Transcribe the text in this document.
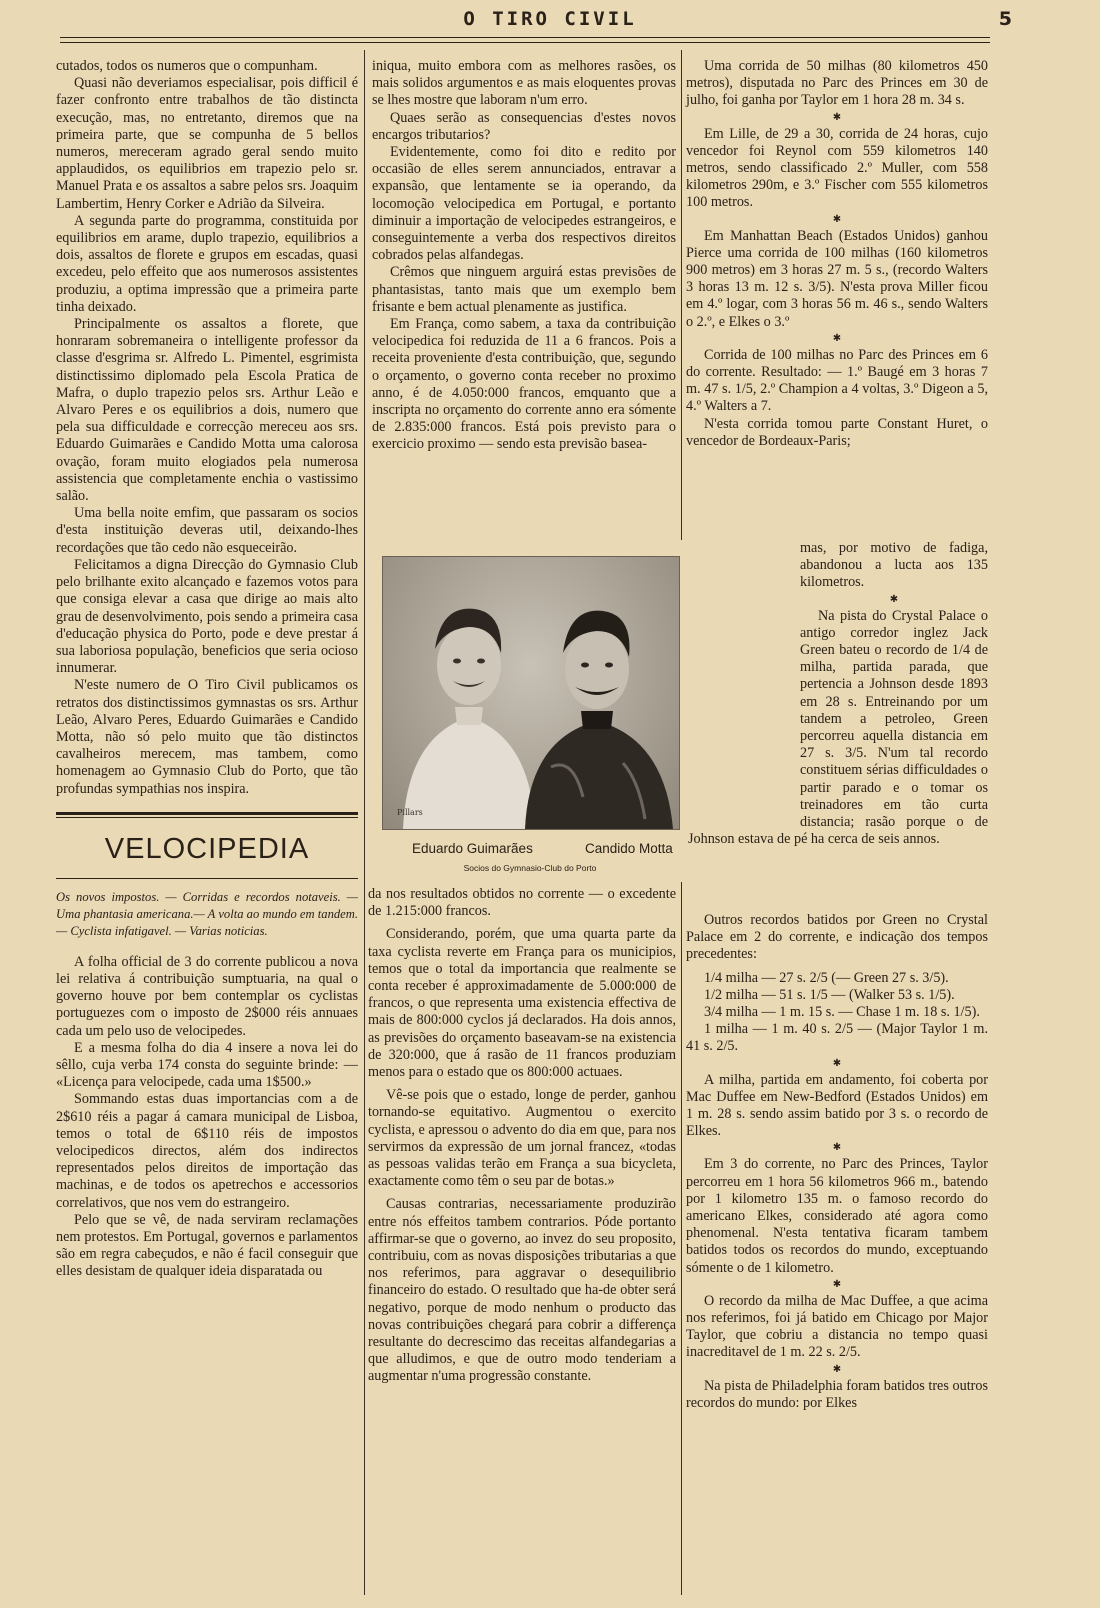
O TIRO CIVIL	5

cutados, todos os numeros que o compunham.

Quasi não deveriamos especialisar, pois difficil é fazer confronto entre trabalhos de tão distincta execução, mas, no entretanto, diremos que na primeira parte, que se compunha de 5 bellos numeros, mereceram agrado geral sendo muito applaudidos, os equilibrios em trapezio pelo sr. Manuel Prata e os assaltos a sabre pelos srs. Joaquim Lambertim, Henry Corker e Adrião da Silveira.

A segunda parte do programma, constituida por equilibrios em arame, duplo trapezio, equilibrios a dois, assaltos de florete e grupos em escadas, quasi excedeu, pelo effeito que aos numerosos assistentes produziu, a optima impressão que a primeira parte tinha deixado.

Principalmente os assaltos a florete, que honraram sobremaneira o intelligente professor da classe d'esgrima sr. Alfredo L. Pimentel, esgrimista distinctissimo diplomado pela Escola Pratica de Mafra, o duplo trapezio pelos srs. Arthur Leão e Alvaro Peres e os equilibrios a dois, numero que pela sua difficuldade e correcção mereceu aos srs. Eduardo Guimarães e Candido Motta uma calorosa ovação, foram muito elogiados pela numerosa assistencia que completamente enchia o vastissimo salão.

Uma bella noite emfim, que passaram os socios d'esta instituição deveras util, deixando-lhes recordações que tão cedo não esqueceirão.

Felicitamos a digna Direcção do Gymnasio Club pelo brilhante exito alcançado e fazemos votos para que consiga elevar a casa que dirige ao mais alto grau de desenvolvimento, pois sendo a primeira casa d'educação physica do Porto, pode e deve prestar á sua laboriosa população, beneficios que seria ocioso innumerar.

N'este numero de O Tiro Civil publicamos os retratos dos distinctissimos gymnastas os srs. Arthur Leão, Alvaro Peres, Eduardo Guimarães e Candido Motta, não só pelo muito que tão distinctos cavalheiros merecem, mas tambem, como homenagem ao Gymnasio Club do Porto, que tão profundas sympathias nos inspira.

VELOCIPEDIA
Os novos impostos. — Corridas e recordos notaveis. — Uma phantasia americana.— A volta ao mundo em tandem. — Cyclista infatigavel. — Varias noticias.

A folha official de 3 do corrente publicou a nova lei relativa á contribuição sumptuaria, na qual o governo houve por bem contemplar os cyclistas portuguezes com o imposto de 2$000 réis annuaes cada um pelo uso de velocipedes.

E a mesma folha do dia 4 insere a nova lei do sêllo, cuja verba 174 consta do seguinte brinde: — «Licença para velocipede, cada uma 1$500.»

Sommando estas duas importancias com a de 2$610 réis a pagar á camara municipal de Lisboa, temos o total de 6$110 réis de impostos velocipedicos directos, além dos indirectos representados pelos direitos de importação das machinas, e de todos os apetrechos e accessorios correlativos, que nos vem do estrangeiro.

Pelo que se vê, de nada serviram reclamações nem protestos. Em Portugal, governos e parlamentos são em regra cabeçudos, e não é facil conseguir que elles desistam de qualquer ideia disparatada ou

iniqua, muito embora com as melhores rasões, os mais solidos argumentos e as mais eloquentes provas se lhes mostre que laboram n'um erro.

Quaes serão as consequencias d'estes novos encargos tributarios?

Evidentemente, como foi dito e redito por occasião de elles serem annunciados, entravar a expansão, que lentamente se ia operando, da locomoção velocipedica em Portugal, e portanto diminuir a importação de velocipedes estrangeiros, e conseguintemente a verba dos respectivos direitos cobrados pelas alfandegas.

Crêmos que ninguem arguirá estas previsões de phantasistas, tanto mais que um exemplo bem frisante e bem actual plenamente as justifica.

Em França, como sabem, a taxa da contribuição velocipedica foi reduzida de 11 a 6 francos. Pois a receita proveniente d'esta contribuição, que, segundo o orçamento, o governo conta receber no proximo anno, é de 4.050:000 francos, emquanto que a inscripta no orçamento do corrente anno era sómente de 2.835:000 francos. Está pois previsto para o exercicio proximo — sendo esta previsão basea-

Pillars
Eduardo Guimarães	Candido Motta
Socios do Gymnasio-Club do Porto

da nos resultados obtidos no corrente — o excedente de 1.215:000 francos.

Considerando, porém, que uma quarta parte da taxa cyclista reverte em França para os municipios, temos que o total da importancia que realmente se conta receber é approximadamente de 5.000:000 de francos, o que representa uma existencia effectiva de mais de 800:000 cyclos já declarados. Ha dois annos, as previsões do orçamento baseavam-se na existencia de 320:000, que á rasão de 11 francos produziam menos para o estado que os 800:000 actuaes.

Vê-se pois que o estado, longe de perder, ganhou tornando-se equitativo. Augmentou o exercito cyclista, e apressou o advento do dia em que, para nos servirmos da expressão de um jornal francez, «todas as pessoas validas terão em França a sua bicycleta, exactamente como têm o seu par de botas.»

Causas contrarias, necessariamente produzirão entre nós effeitos tambem contrarios. Póde portanto affirmar-se que o governo, ao invez do seu proposito, contribuiu, com as novas disposições tributarias a que nos referimos, para aggravar o desequilibrio financeiro do estado. O resultado que ha-de obter será negativo, porque de modo nenhum o producto das novas contribuições chegará para cobrir a differença resultante do decrescimo das receitas alfandegarias a que alludimos, e que de outro modo tenderiam a augmentar n'uma progressão constante.

Uma corrida de 50 milhas (80 kilometros 450 metros), disputada no Parc des Princes em 30 de julho, foi ganha por Taylor em 1 hora 28 m. 34 s.

✱

Em Lille, de 29 a 30, corrida de 24 horas, cujo vencedor foi Reynol com 559 kilometros 140 metros, sendo classificado 2.º Muller, com 558 kilometros 290m, e 3.º Fischer com 555 kilometros 100 metros.

✱

Em Manhattan Beach (Estados Unidos) ganhou Pierce uma corrida de 100 milhas (160 kilometros 900 metros) em 3 horas 27 m. 5 s., (recordo Walters 3 horas 13 m. 12 s. 3/5). N'esta prova Miller ficou em 4.º logar, com 3 horas 56 m. 46 s., sendo Walters o 2.º, e Elkes o 3.º

✱

Corrida de 100 milhas no Parc des Princes em 6 do corrente. Resultado: — 1.º Baugé em 3 horas 7 m. 47 s. 1/5, 2.º Champion a 4 voltas, 3.º Digeon a 5, 4.º Walters a 7.

N'esta corrida tomou parte Constant Huret, o vencedor de Bordeaux-Paris;

mas, por motivo de fadiga, abandonou a lucta aos 135 kilometros.

✱

Na pista do Crystal Palace o antigo corredor inglez Jack Green bateu o recordo de 1/4 de milha, partida parada, que pertencia a Johnson desde 1893 em 28 s. Entreinando por um tandem a petroleo, Green percorreu aquella distancia em 27 s. 3/5. N'um tal recordo constituem sérias difficuldades o partir parado e o tomar os treinadores em tão curta distancia; rasão porque o de Johnson estava de pé ha cerca de seis annos.

Outros recordos batidos por Green no Crystal Palace em 2 do corrente, e indicação dos tempos precedentes:

1/4 milha — 27 s. 2/5 (— Green 27 s. 3/5).

1/2 milha — 51 s. 1/5 — (Walker 53 s. 1/5).

3/4 milha — 1 m. 15 s. — Chase 1 m. 18 s. 1/5).

1 milha — 1 m. 40 s. 2/5 — (Major Taylor 1 m. 41 s. 2/5.

✱

A milha, partida em andamento, foi coberta por Mac Duffee em New-Bedford (Estados Unidos) em 1 m. 28 s. sendo assim batido por 3 s. o recordo de Elkes.

✱

Em 3 do corrente, no Parc des Princes, Taylor percorreu em 1 hora 56 kilometros 966 m., batendo por 1 kilometro 135 m. o famoso recordo do americano Elkes, considerado até agora como phenomenal. N'esta tentativa ficaram tambem batidos todos os recordos do mundo, exceptuando sómente o de 1 kilometro.

✱

O recordo da milha de Mac Duffee, a que acima nos referimos, foi já batido em Chicago por Major Taylor, que cobriu a distancia no tempo quasi inacreditavel de 1 m. 22 s. 2/5.

✱

Na pista de Philadelphia foram batidos tres outros recordos do mundo: por Elkes
